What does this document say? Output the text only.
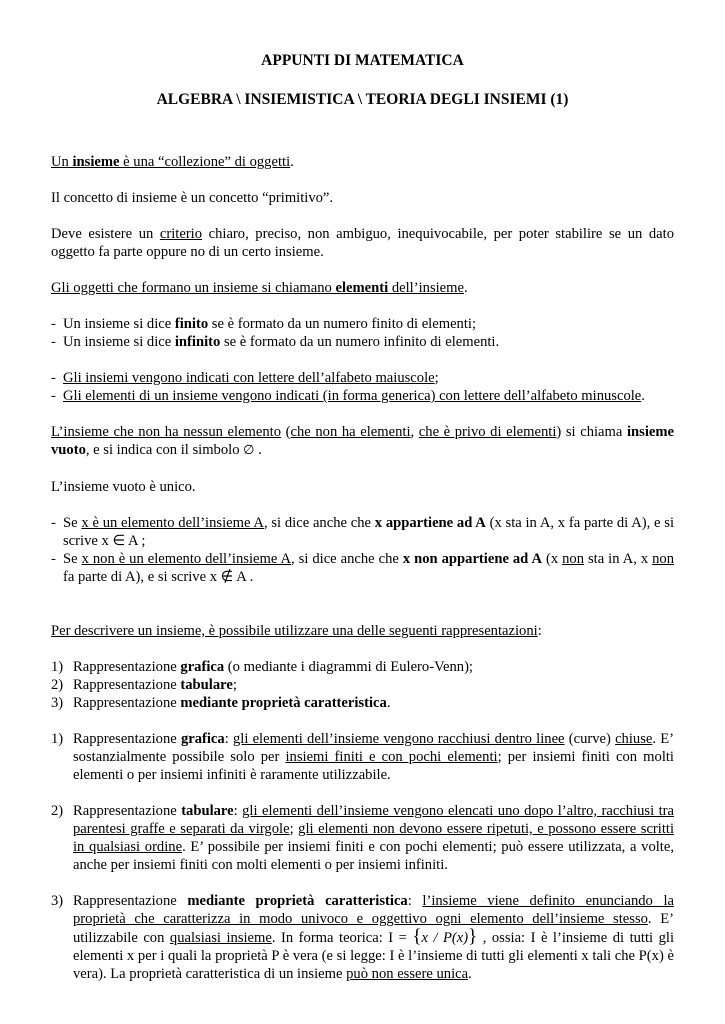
APPUNTI DI MATEMATICA

ALGEBRA \ INSIEMISTICA \ TEORIA DEGLI INSIEMI (1)

Un insieme è una “collezione” di oggetti.

Il concetto di insieme è un concetto “primitivo”.

Deve esistere un criterio chiaro, preciso, non ambiguo, inequivocabile, per poter stabilire se un dato oggetto fa parte oppure no di un certo insieme.

Gli oggetti che formano un insieme si chiamano elementi dell’insieme.

- Un insieme si dice finito se è formato da un numero finito di elementi;
- Un insieme si dice infinito se è formato da un numero infinito di elementi.
- Gli insiemi vengono indicati con lettere dell’alfabeto maiuscole;
- Gli elementi di un insieme vengono indicati (in forma generica) con lettere dell’alfabeto minuscole.

L’insieme che non ha nessun elemento (che non ha elementi, che è privo di elementi) si chiama insieme vuoto, e si indica con il simbolo ∅ .

L’insieme vuoto è unico.

- Se x è un elemento dell’insieme A, si dice anche che x appartiene ad A (x sta in A, x fa parte di A), e si scrive x ∈ A ;
- Se x non è un elemento dell’insieme A, si dice anche che x non appartiene ad A (x non sta in A, x non fa parte di A), e si scrive x ∉ A .

Per descrivere un insieme, è possibile utilizzare una delle seguenti rappresentazioni:

1) Rappresentazione grafica (o mediante i diagrammi di Eulero-Venn);
2) Rappresentazione tabulare;
3) Rappresentazione mediante proprietà caratteristica.
1) Rappresentazione grafica: gli elementi dell’insieme vengono racchiusi dentro linee (curve) chiuse. E’ sostanzialmente possibile solo per insiemi finiti e con pochi elementi; per insiemi finiti con molti elementi o per insiemi infiniti è raramente utilizzabile.
2) Rappresentazione tabulare: gli elementi dell’insieme vengono elencati uno dopo l’altro, racchiusi tra parentesi graffe e separati da virgole; gli elementi non devono essere ripetuti, e possono essere scritti in qualsiasi ordine. E’ possibile per insiemi finiti e con pochi elementi; può essere utilizzata, a volte, anche per insiemi finiti con molti elementi o per insiemi infiniti.
3) Rappresentazione mediante proprietà caratteristica: l’insieme viene definito enunciando la proprietà che caratterizza in modo univoco e oggettivo ogni elemento dell’insieme stesso. E’ utilizzabile con qualsiasi insieme. In forma teorica: I = {x / P(x)} , ossia: I è l’insieme di tutti gli elementi x per i quali la proprietà P è vera (e si legge: I è l’insieme di tutti gli elementi x tali che P(x) è vera). La proprietà caratteristica di un insieme può non essere unica.
